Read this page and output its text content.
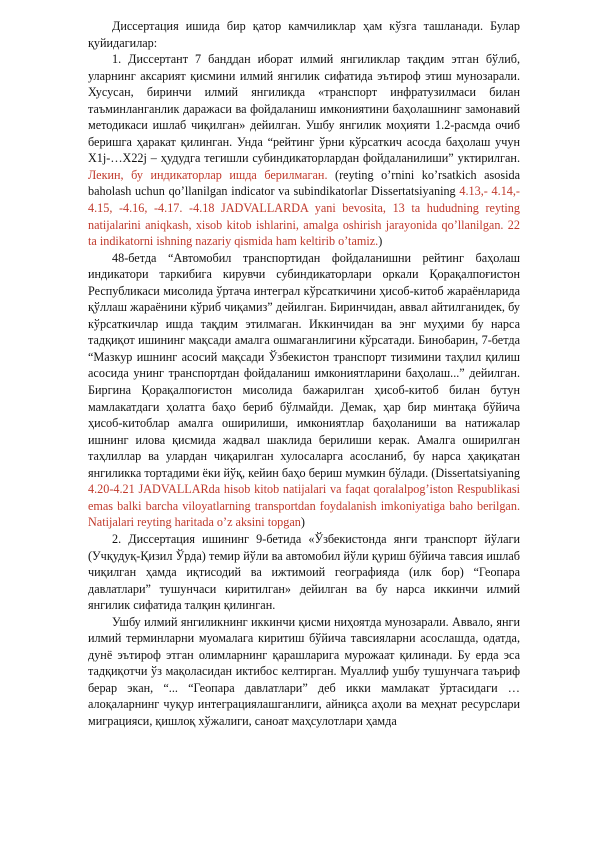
Диссертация ишида бир қатор камчиликлар ҳам кўзга ташланади. Булар қуйидагилар:

1. Диссертант 7 банддан иборат илмий янгиликлар тақдим этган бўлиб, уларнинг аксарият қисмини илмий янгилик сифатида эътироф этиш мунозарали. Хусусан, биринчи илмий янгиликда «транспорт инфратузилмаси билан таъминланганлик даражаси ва фойдаланиш имкониятини баҳолашнинг замонавий методикаси ишлаб чиқилган» дейилган. Ушбу янгилик моҳияти 1.2-расмда очиб беришга ҳаракат қилинган. Унда “рейтинг ўрни кўрсаткич асосда баҳолаш учун X1j-…X22j – ҳудудга тегишли субиндикаторлардан фойдаланилиши” уктирилган. Лекин, бу индикаторлар ишда берилмаган. (reyting o’rnini ko’rsatkich asosida baholash uchun qo’llanilgan indicator va subindikatorlar Dissertatsiyaning 4.13,- 4.14,- 4.15, -4.16, -4.17. -4.18 JADVALLARDA yani bevosita, 13 ta hududning reyting natijalarini aniqkash, xisob kitob ishlarini, amalga oshirish jarayonida qo’llanilgan. 22 ta indikatorni ishning nazariy qismida ham keltirib o’tamiz.)

48-бетда “Автомобил транспортидан фойдаланишни рейтинг баҳолаш индикатори таркибига кирувчи субиндикаторлари оркали Қорақалпоғистон Республикаси мисолида ўртача интеграл кўрсаткичини ҳисоб-китоб жараёнларида қўллаш жараёнини кўриб чиқамиз” дейилган. Биринчидан, аввал айтилганидек, бу кўрсаткичлар ишда тақдим этилмаган. Иккинчидан ва энг муҳими бу нарса тадқиқот ишининг мақсади амалга ошмаганлигини кўрсатади. Бинобарин, 7-бетда “Мазкур ишнинг асосий мақсади Ўзбекистон транспорт тизимини таҳлил қилиш асосида унинг транспортдан фойдаланиш имкониятларини баҳолаш...” дейилган. Биргина Қорақалпоғистон мисолида бажарилган ҳисоб-китоб билан бутун мамлакатдаги ҳолатга баҳо бериб бўлмайди. Демак, ҳар бир минтақа бўйича ҳисоб-китоблар амалга оширилиши, имкониятлар баҳоланиши ва натижалар ишнинг илова қисмида жадвал шаклида берилиши керак. Амалга оширилган таҳлиллар ва улардан чиқарилган хулосаларга асосланиб, бу нарса ҳақиқатан янгиликка тортадими ёки йўқ, кейин баҳо бериш мумкин бўлади. (Dissertatsiyaning 4.20-4.21 JADVALLARda hisob kitob natijalari va faqat qoralalpog’iston Respublikasi emas balki barcha viloyatlarning transportdan foydalanish imkoniyatiga baho berilgan. Natijalari reyting haritada o’z aksini topgan)

2. Диссертация ишининг 9-бетида «Ўзбекистонда янги транспорт йўлаги (Учқудуқ-Қизил Ўрда) темир йўли ва автомобил йўли қуриш бўйича тавсия ишлаб чиқилган ҳамда иқтисодий ва ижтимоий географияда (илк бор) “Геопара давлатлари” тушунчаси киритилган» дейилган ва бу нарса иккинчи илмий янгилик сифатида талқин қилинган.

Ушбу илмий янгиликнинг иккинчи қисми ниҳоятда мунозарали. Аввало, янги илмий терминларни муомалага киритиш бўйича тавсияларни асослашда, одатда, дунё эътироф этган олимларнинг қарашларига мурожаат қилинади. Бу ерда эса тадқиқотчи ўз мақоласидан иктибос келтирган. Муаллиф ушбу тушунчага таъриф берар экан, “... “Геопара давлатлари” деб икки мамлакат ўртасидаги … алоқаларнинг чуқур интеграциялашганлиги, айниқса аҳоли ва меҳнат ресурслари миграцияси, қишлоқ хўжалиги, саноат маҳсулотлари ҳамда
